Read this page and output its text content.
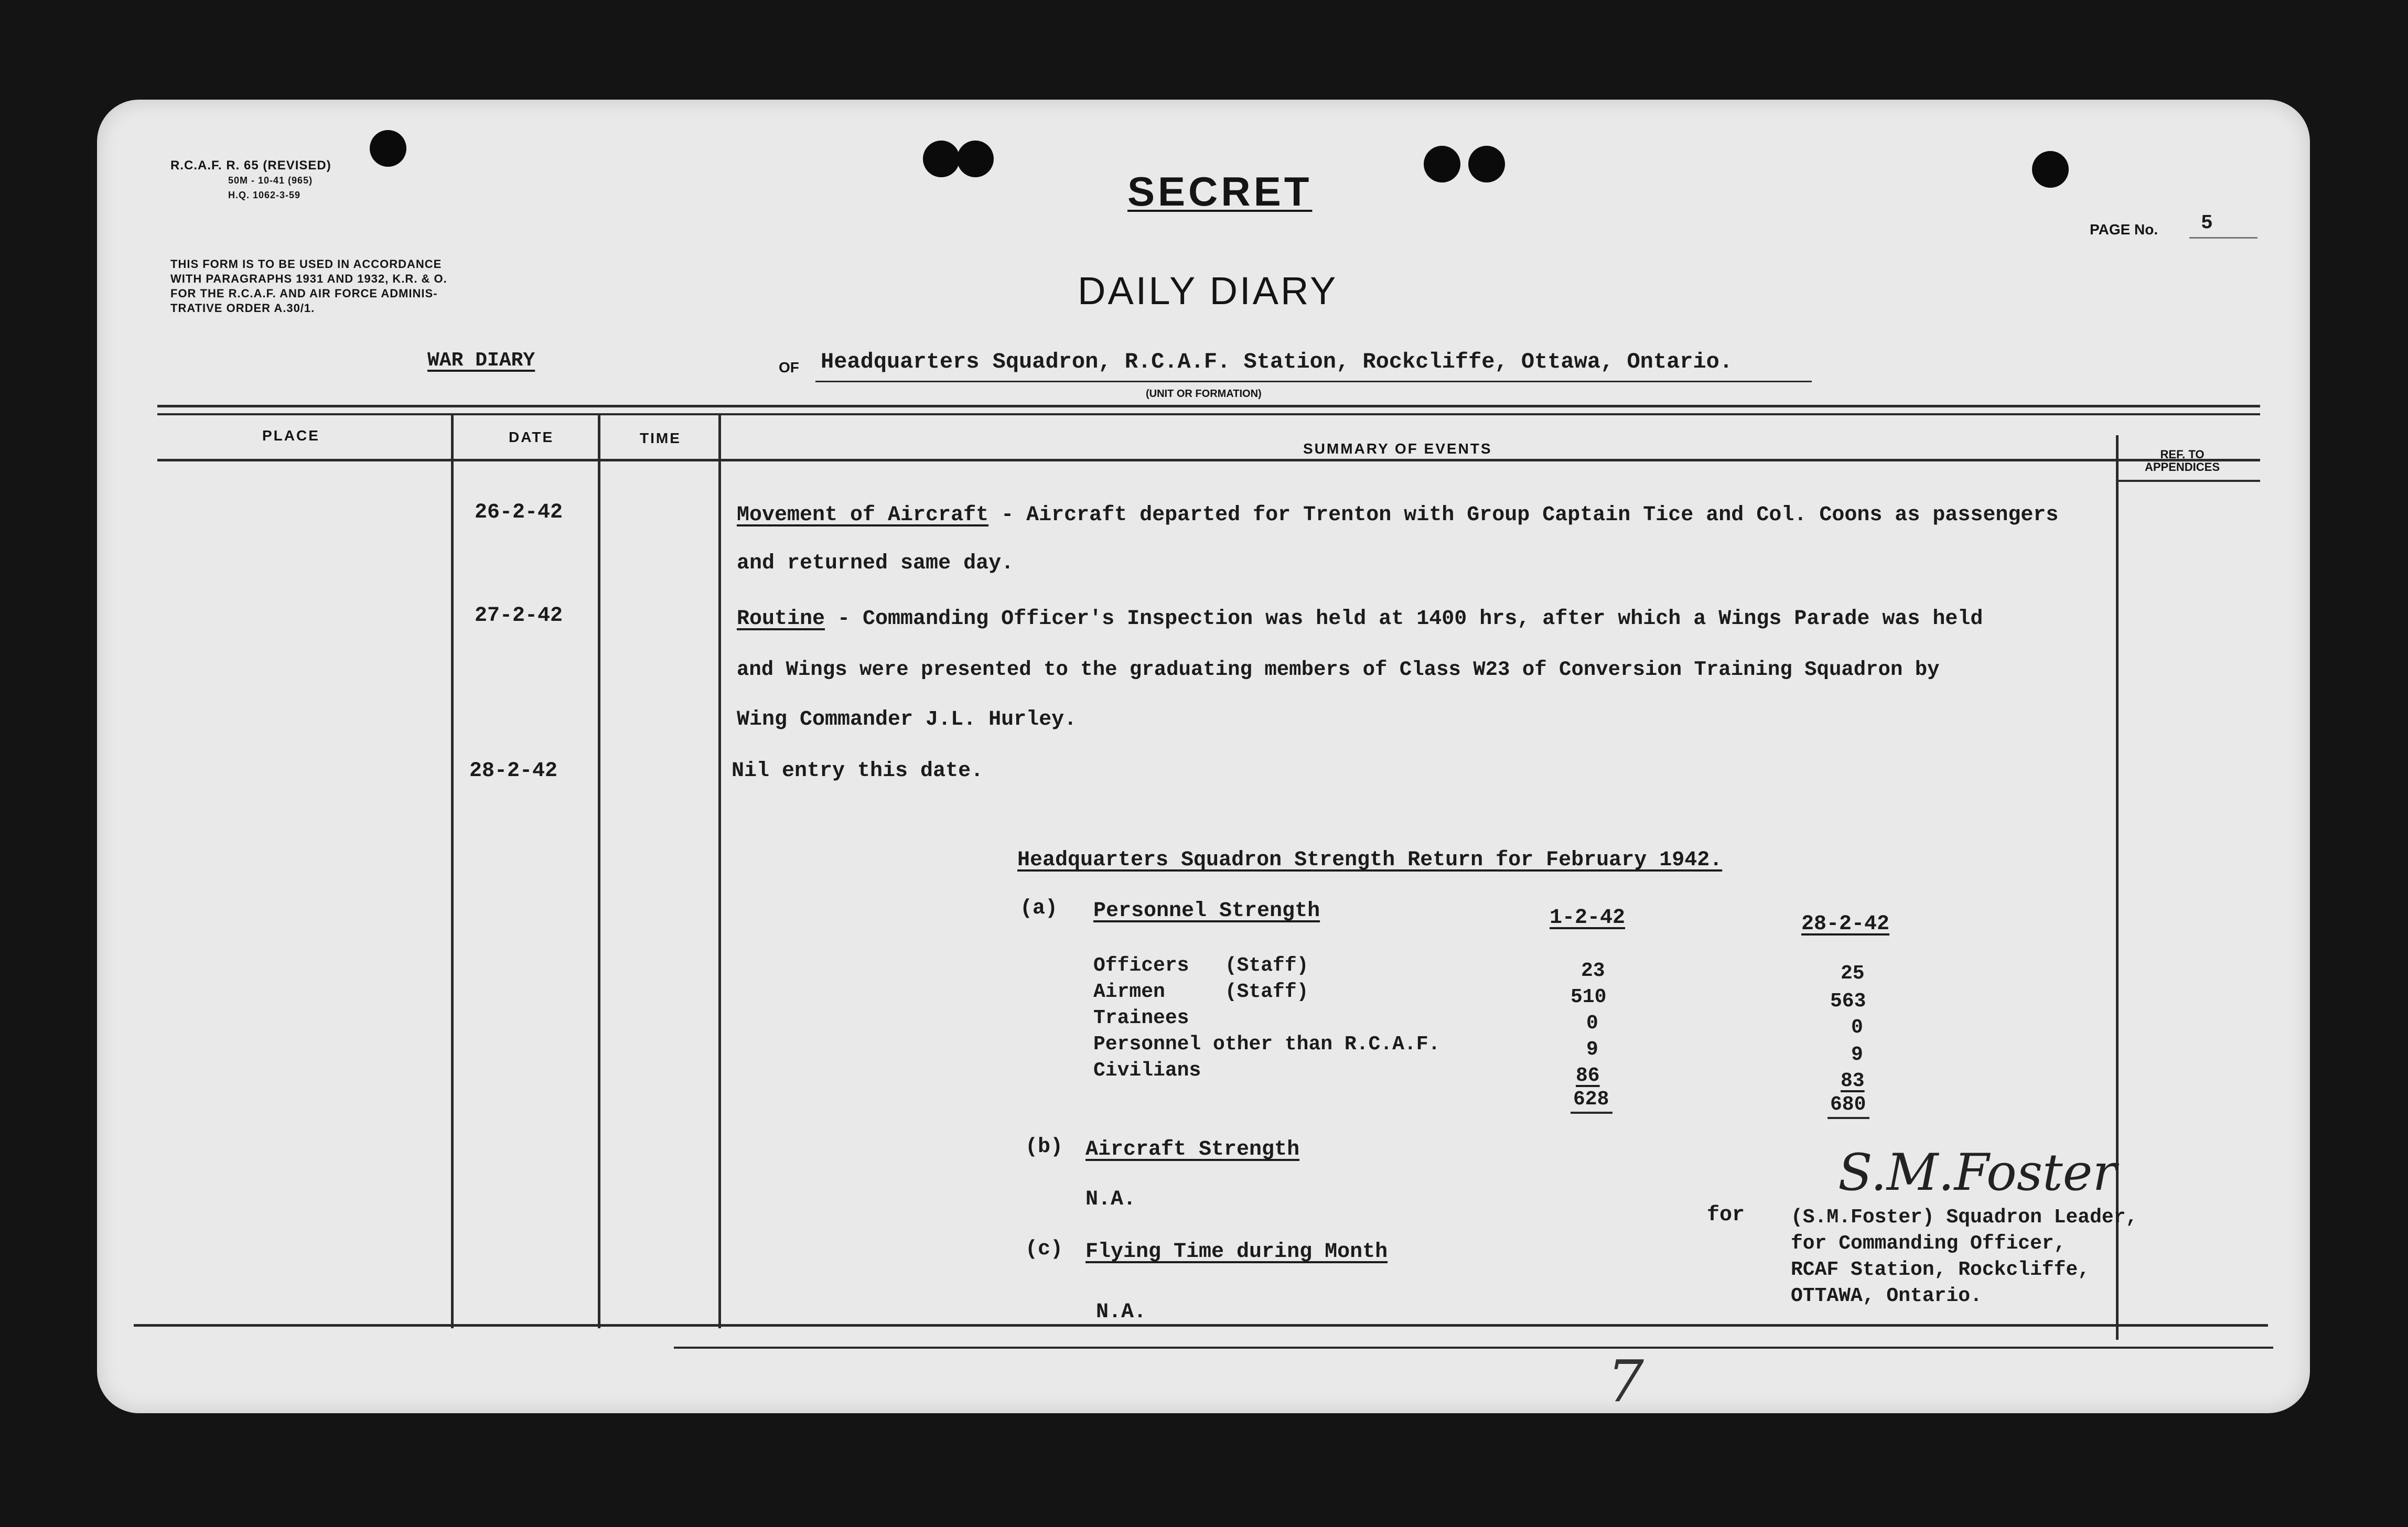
R.C.A.F. R. 65 (REVISED)
50M - 10-41 (965)
H.Q. 1062-3-59
THIS FORM IS TO BE USED IN ACCORDANCE
WITH PARAGRAPHS 1931 AND 1932, K.R. & O.
FOR THE R.C.A.F. AND AIR FORCE ADMINIS-
TRATIVE ORDER A.30/1.
SECRET
DAILY DIARY
PAGE No. 5
WAR DIARY	OF Headquarters Squadron, R.C.A.F. Station, Rockcliffe, Ottawa, Ontario.
(UNIT OR FORMATION)
PLACE	DATE	TIME
SUMMARY OF EVENTS	REF. TO
APPENDICES
26-2-42	Movement of Aircraft - Aircraft departed for Trenton with Group Captain Tice and Col. Coons as passengers
and returned same day.
27-2-42	Routine - Commanding Officer's Inspection was held at 1400 hrs, after which a Wings Parade was held
and Wings were presented to the graduating members of Class W23 of Conversion Training Squadron by
Wing Commander J.L. Hurley.
28-2-42	Nil entry this date.
Headquarters Squadron Strength Return for February 1942.
(a) Personnel Strength	1-2-42	28-2-42
Officers   (Staff)	23	25
Airmen     (Staff)	510	563
Trainees	0	0
Personnel other than R.C.A.F.	9	9
Civilians	86	83
628	680
(b) Aircraft Strength
N.A.
(c) Flying Time during Month
N.A.
S.M.Foster
for (S.M.Foster) Squadron Leader,
for Commanding Officer,
RCAF Station, Rockcliffe,
OTTAWA, Ontario.
7
